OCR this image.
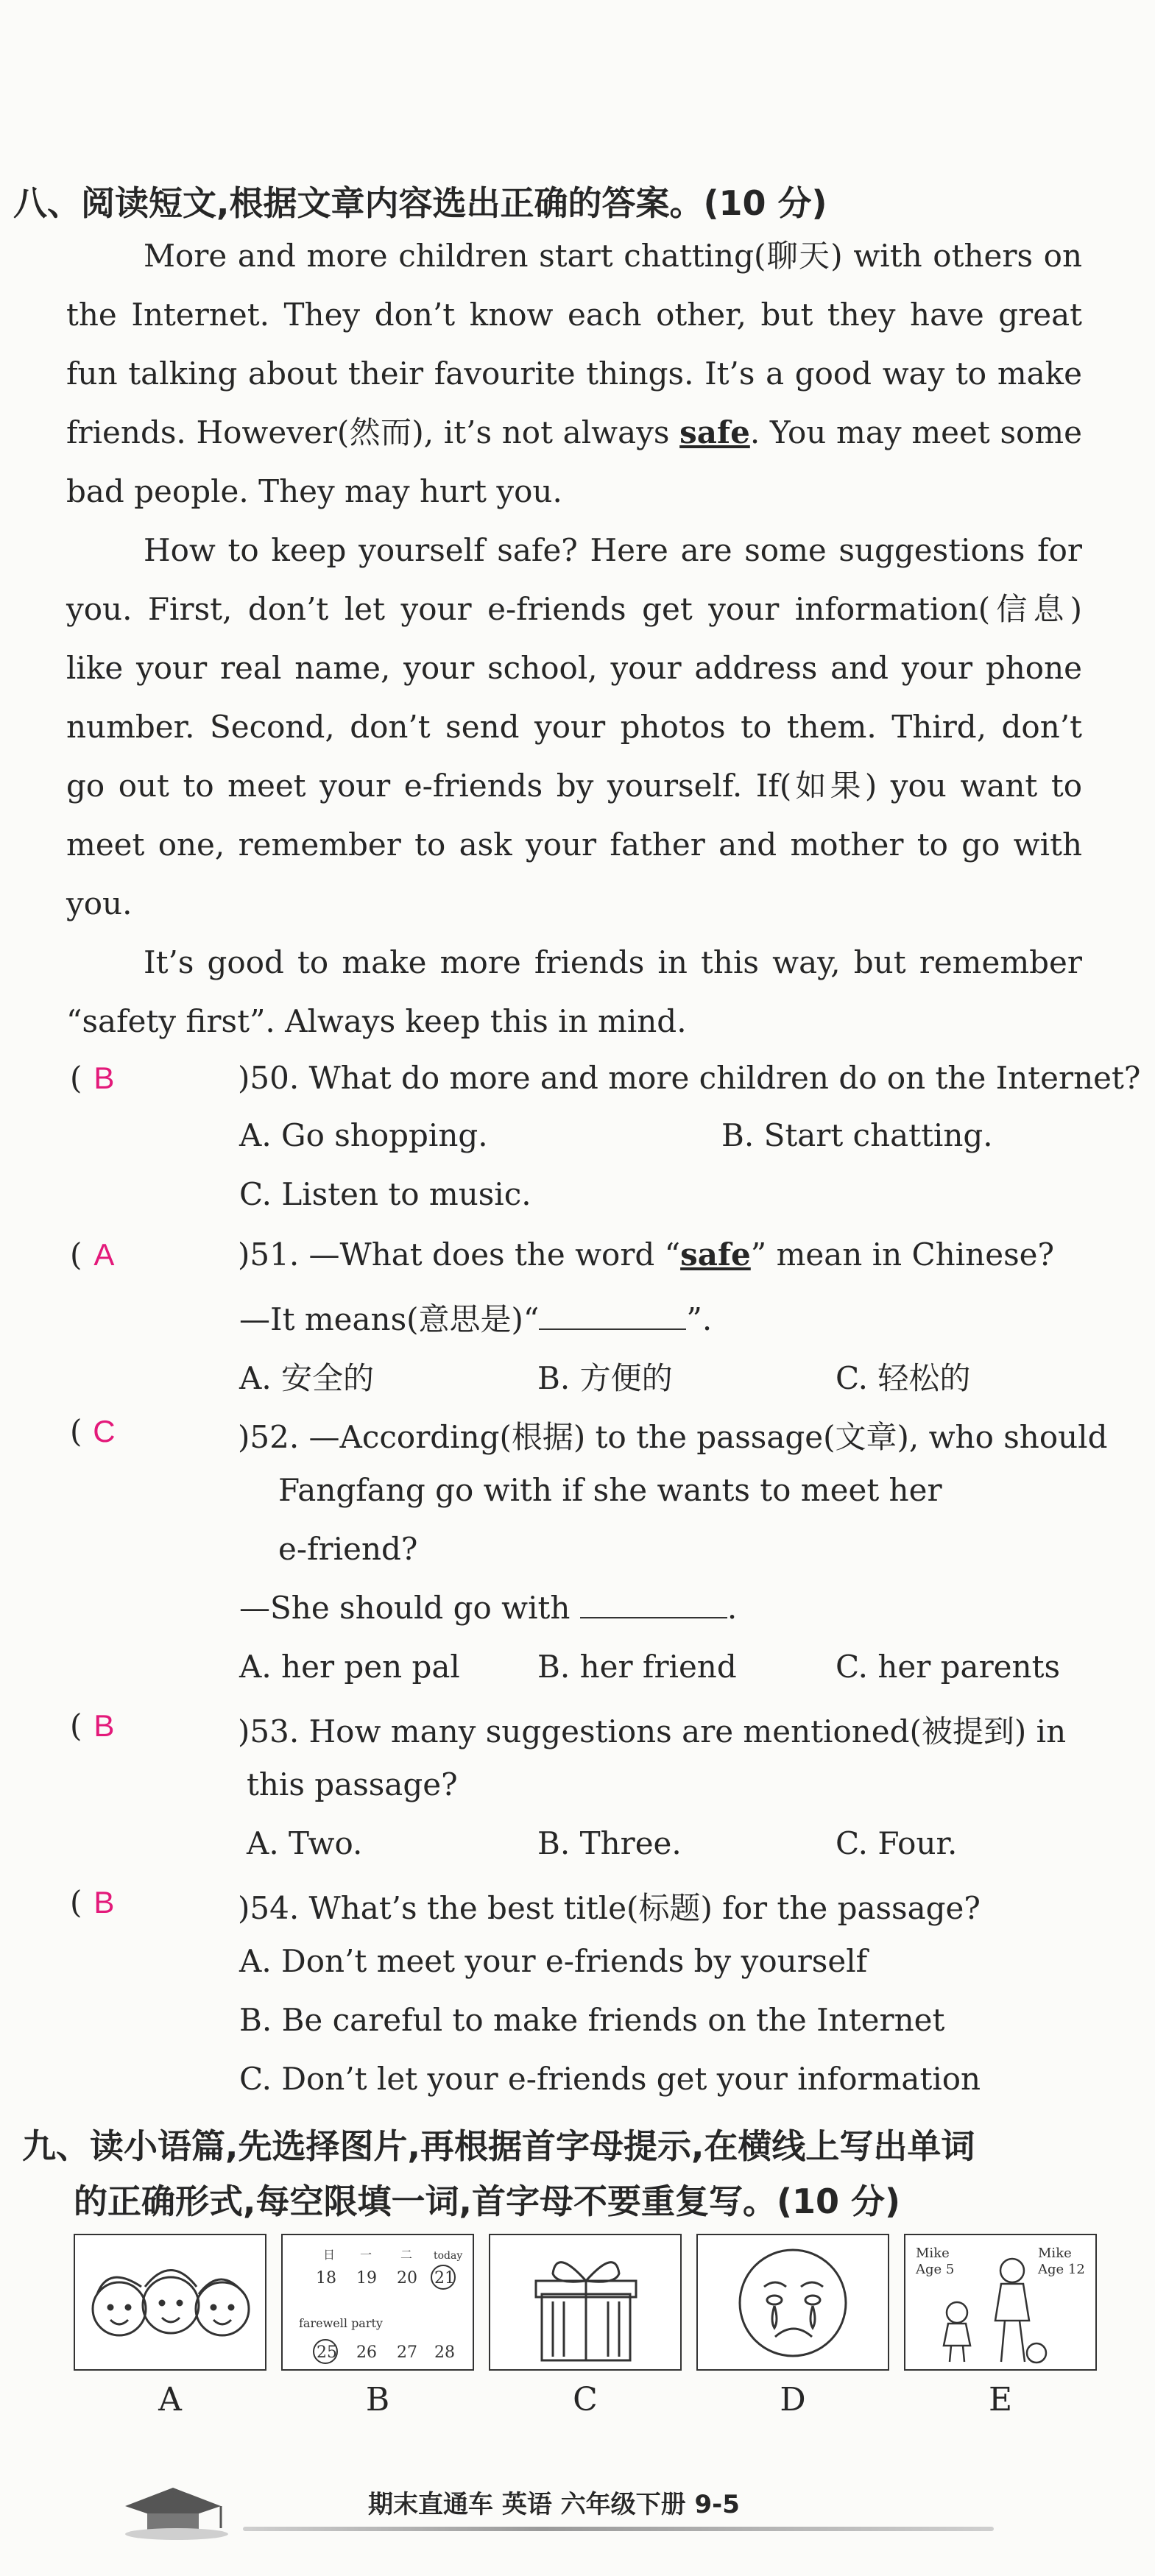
八、阅读短文,根据文章内容选出正确的答案。(10 分)

More and more children start chatting(聊天) with others on the Internet. They don’t know each other, but they have great fun talking about their favourite things. It’s a good way to make friends. However(然而), it’s not always safe. You may meet some bad people. They may hurt you.

How to keep yourself safe? Here are some suggestions for you. First, don’t let your e-friends get your information(信息) like your real name, your school, your address and your phone number. Second, don’t send your photos to them. Third, don’t go out to meet your e-friends by yourself. If(如果) you want to meet one, remember to ask your father and mother to go with you.

It’s good to make more friends in this way, but remember “safety first”. Always keep this in mind.

( B	)50. What do more and more children do on the Internet?
A. Go shopping.	B. Start chatting.
C. Listen to music.
( A	)51. —What does the word “safe” mean in Chinese?
—It means(意思是)“	”.
A. 安全的	B. 方便的	C. 轻松的
( C	)52. —According(根据) to the passage(文章), who should
Fangfang go with if she wants to meet her
e-friend?
—She should go with	.
A. her pen pal	B. her friend	C. her parents
( B	)53. How many suggestions are mentioned(被提到) in
this passage?
A. Two.	B. Three.	C. Four.
( B	)54. What’s the best title(标题) for the passage?
A. Don’t meet your e-friends by yourself
B. Be careful to make friends on the Internet
C. Don’t let your e-friends get your information
九、读小语篇,先选择图片,再根据首字母提示,在横线上写出单词
的正确形式,每空限填一词,首字母不要重复写。(10 分)
日 一 二 today
18 19 20 21
farewell party
25 26 27 28
Mike
Age 5
Mike
Age 12
A	B	C	D	E
期末直通车 英语 六年级下册 9-5
